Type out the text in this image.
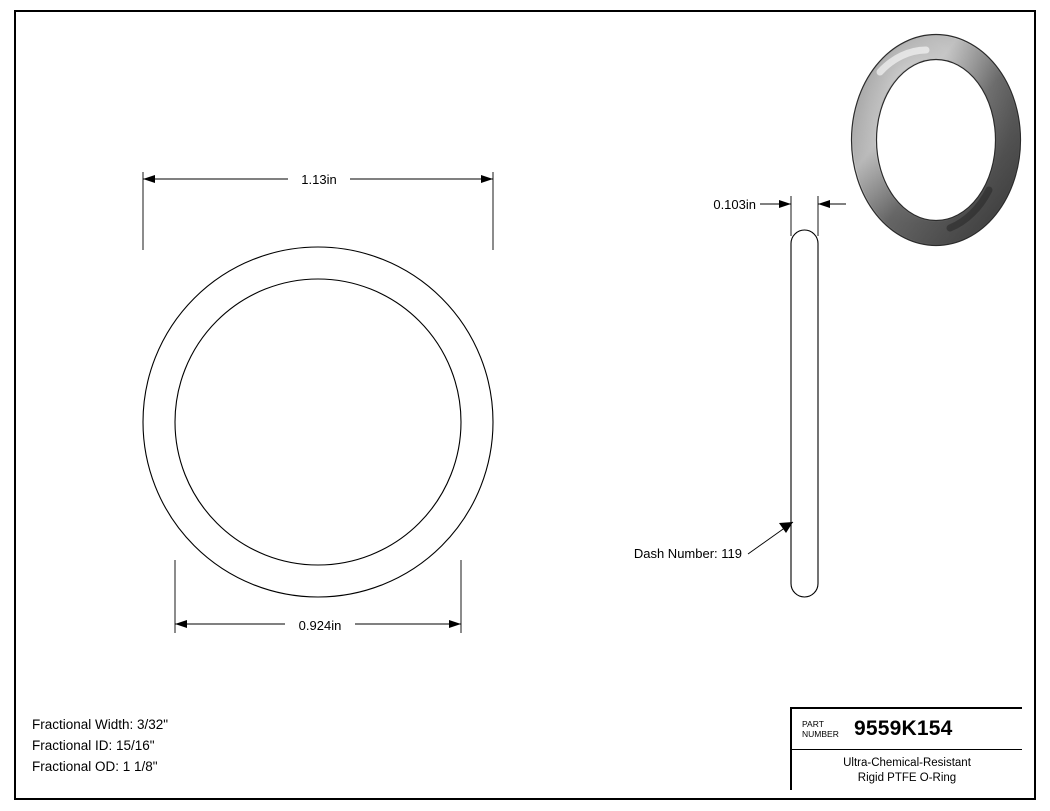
1.13in
0.924in
0.103in
Dash Number: 119
Fractional Width: 3/32"
Fractional ID: 15/16"
Fractional OD: 1 1/8"
PART
NUMBER 9559K154
Ultra-Chemical-Resistant
Rigid PTFE O-Ring
